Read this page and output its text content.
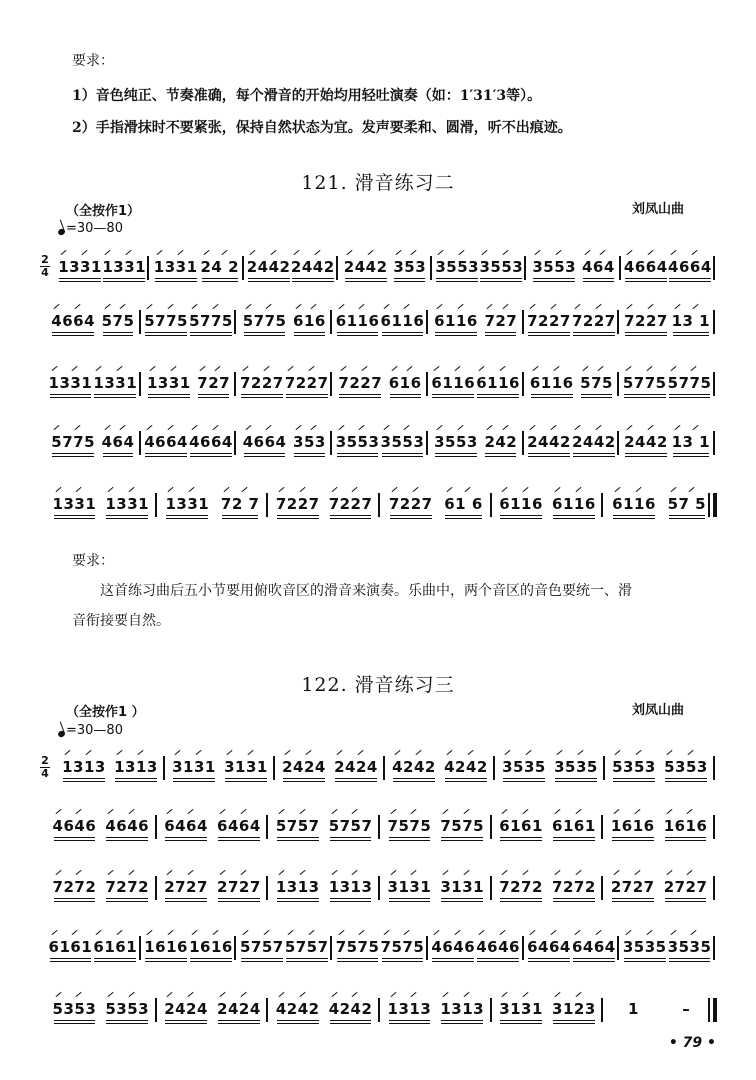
要求：
1）音色纯正、节奏准确，每个滑音的开始均用轻吐演奏（如：1′31′3等）。
2）手指滑抹时不要紧张，保持自然状态为宜。发声要柔和、圆滑，听不出痕迹。
121. 滑音练习二
（全按作1）	刘凤山曲
=30—80
2
4 1331 1331 1331 24 2 2442 2442 2442 353 3553 3553 3553 464 4664 4664
4664 575 5775 5775 5775 616 6116 6116 6116 727 7227 7227 7227 13 1
1331 1331 1331 727 7227 7227 7227 616 6116 6116 6116 575 5775 5775
5775 464 4664 4664 4664 353 3553 3553 3553 242 2442 2442 2442 13 1
1331 1331 1331 72 7 7227 7227 7227 61 6 6116 6116 6116 57 5
要求：
这首练习曲后五小节要用俯吹音区的滑音来演奏。乐曲中，两个音区的音色要统一、滑
音衔接要自然。
122. 滑音练习三
（全按作1 ）	刘凤山曲
=30—80
2
4 1313 1313 3131 3131 2424 2424 4242 4242 3535 3535 5353 5353
4646 4646 6464 6464 5757 5757 7575 7575 6161 6161 1616 1616
7272 7272 2727 2727 1313 1313 3131 3131 7272 7272 2727 2727
6161 6161 1616 1616 5757 5757 7575 7575 4646 4646 6464 6464 3535 3535
5353 5353 2424 2424 4242 4242 1313 1313 3131 3123 1	–
• 79 •
